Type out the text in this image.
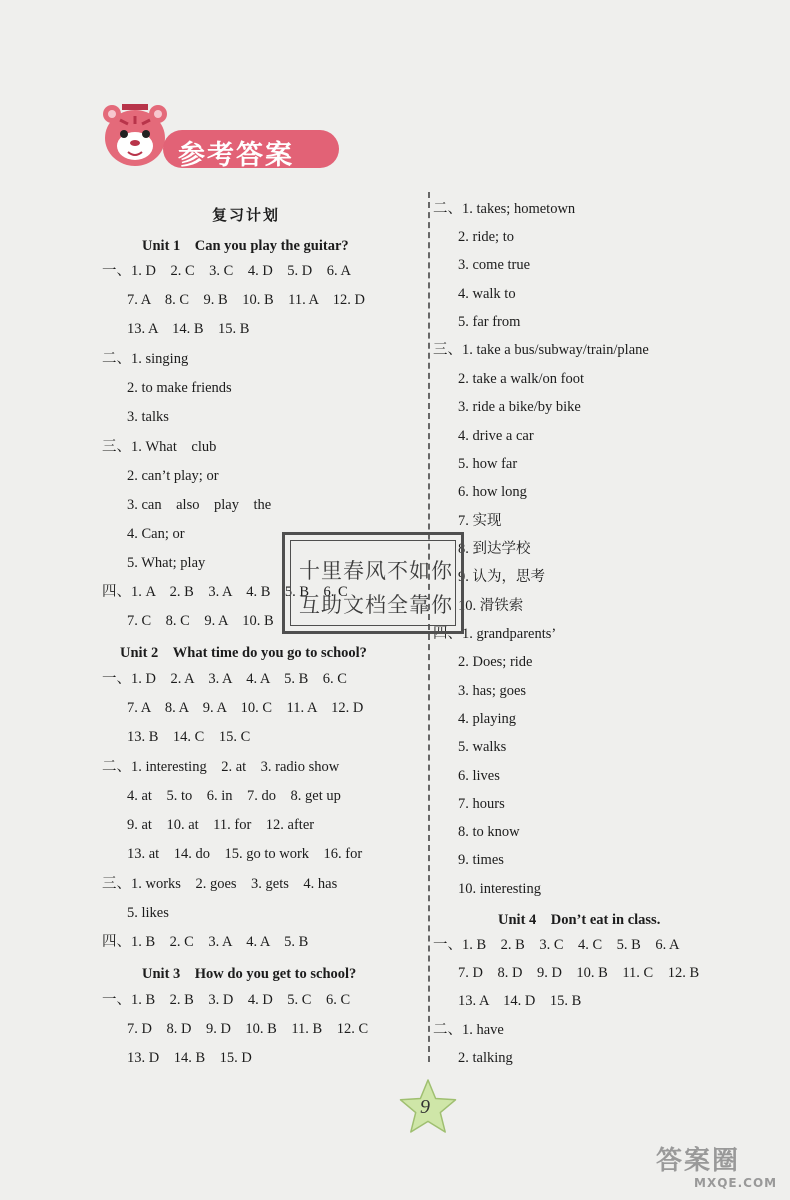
参考答案
复习计划
Unit 1　Can you play the guitar?
一、1. D　2. C　3. C　4. D　5. D　6. A
7. A　8. C　9. B　10. B　11. A　12. D
13. A　14. B　15. B
二、1. singing
2. to make friends
3. talks
三、1. What　club
2. can’t play; or
3. can　also　play　the
4. Can; or
5. What; play
四、1. A　2. B　3. A　4. B　5. B　6. C
7. C　8. C　9. A　10. B
Unit 2　What time do you go to school?
一、1. D　2. A　3. A　4. A　5. B　6. C
7. A　8. A　9. A　10. C　11. A　12. D
13. B　14. C　15. C
二、1. interesting　2. at　3. radio show
4. at　5. to　6. in　7. do　8. get up
9. at　10. at　11. for　12. after
13. at　14. do　15. go to work　16. for
三、1. works　2. goes　3. gets　4. has
5. likes
四、1. B　2. C　3. A　4. A　5. B
Unit 3　How do you get to school?
一、1. B　2. B　3. D　4. D　5. C　6. C
7. D　8. D　9. D　10. B　11. B　12. C
13. D　14. B　15. D
二、1. takes; hometown
2. ride; to
3. come true
4. walk to
5. far from
三、1. take a bus/subway/train/plane
2. take a walk/on foot
3. ride a bike/by bike
4. drive a car
5. how far
6. how long
7. 实现
8. 到达学校
9. 认为，思考
10. 滑铁索
四、1. grandparents’
2. Does; ride
3. has; goes
4. playing
5. walks
6. lives
7. hours
8. to know
9. times
10. interesting
Unit 4　Don’t eat in class.
一、1. B　2. B　3. C　4. C　5. B　6. A
7. D　8. D　9. D　10. B　11. C　12. B
13. A　14. D　15. B
二、1. have
2. talking
十里春风不如你
互助文档全靠你
9
答案圈
MXQE.COM
